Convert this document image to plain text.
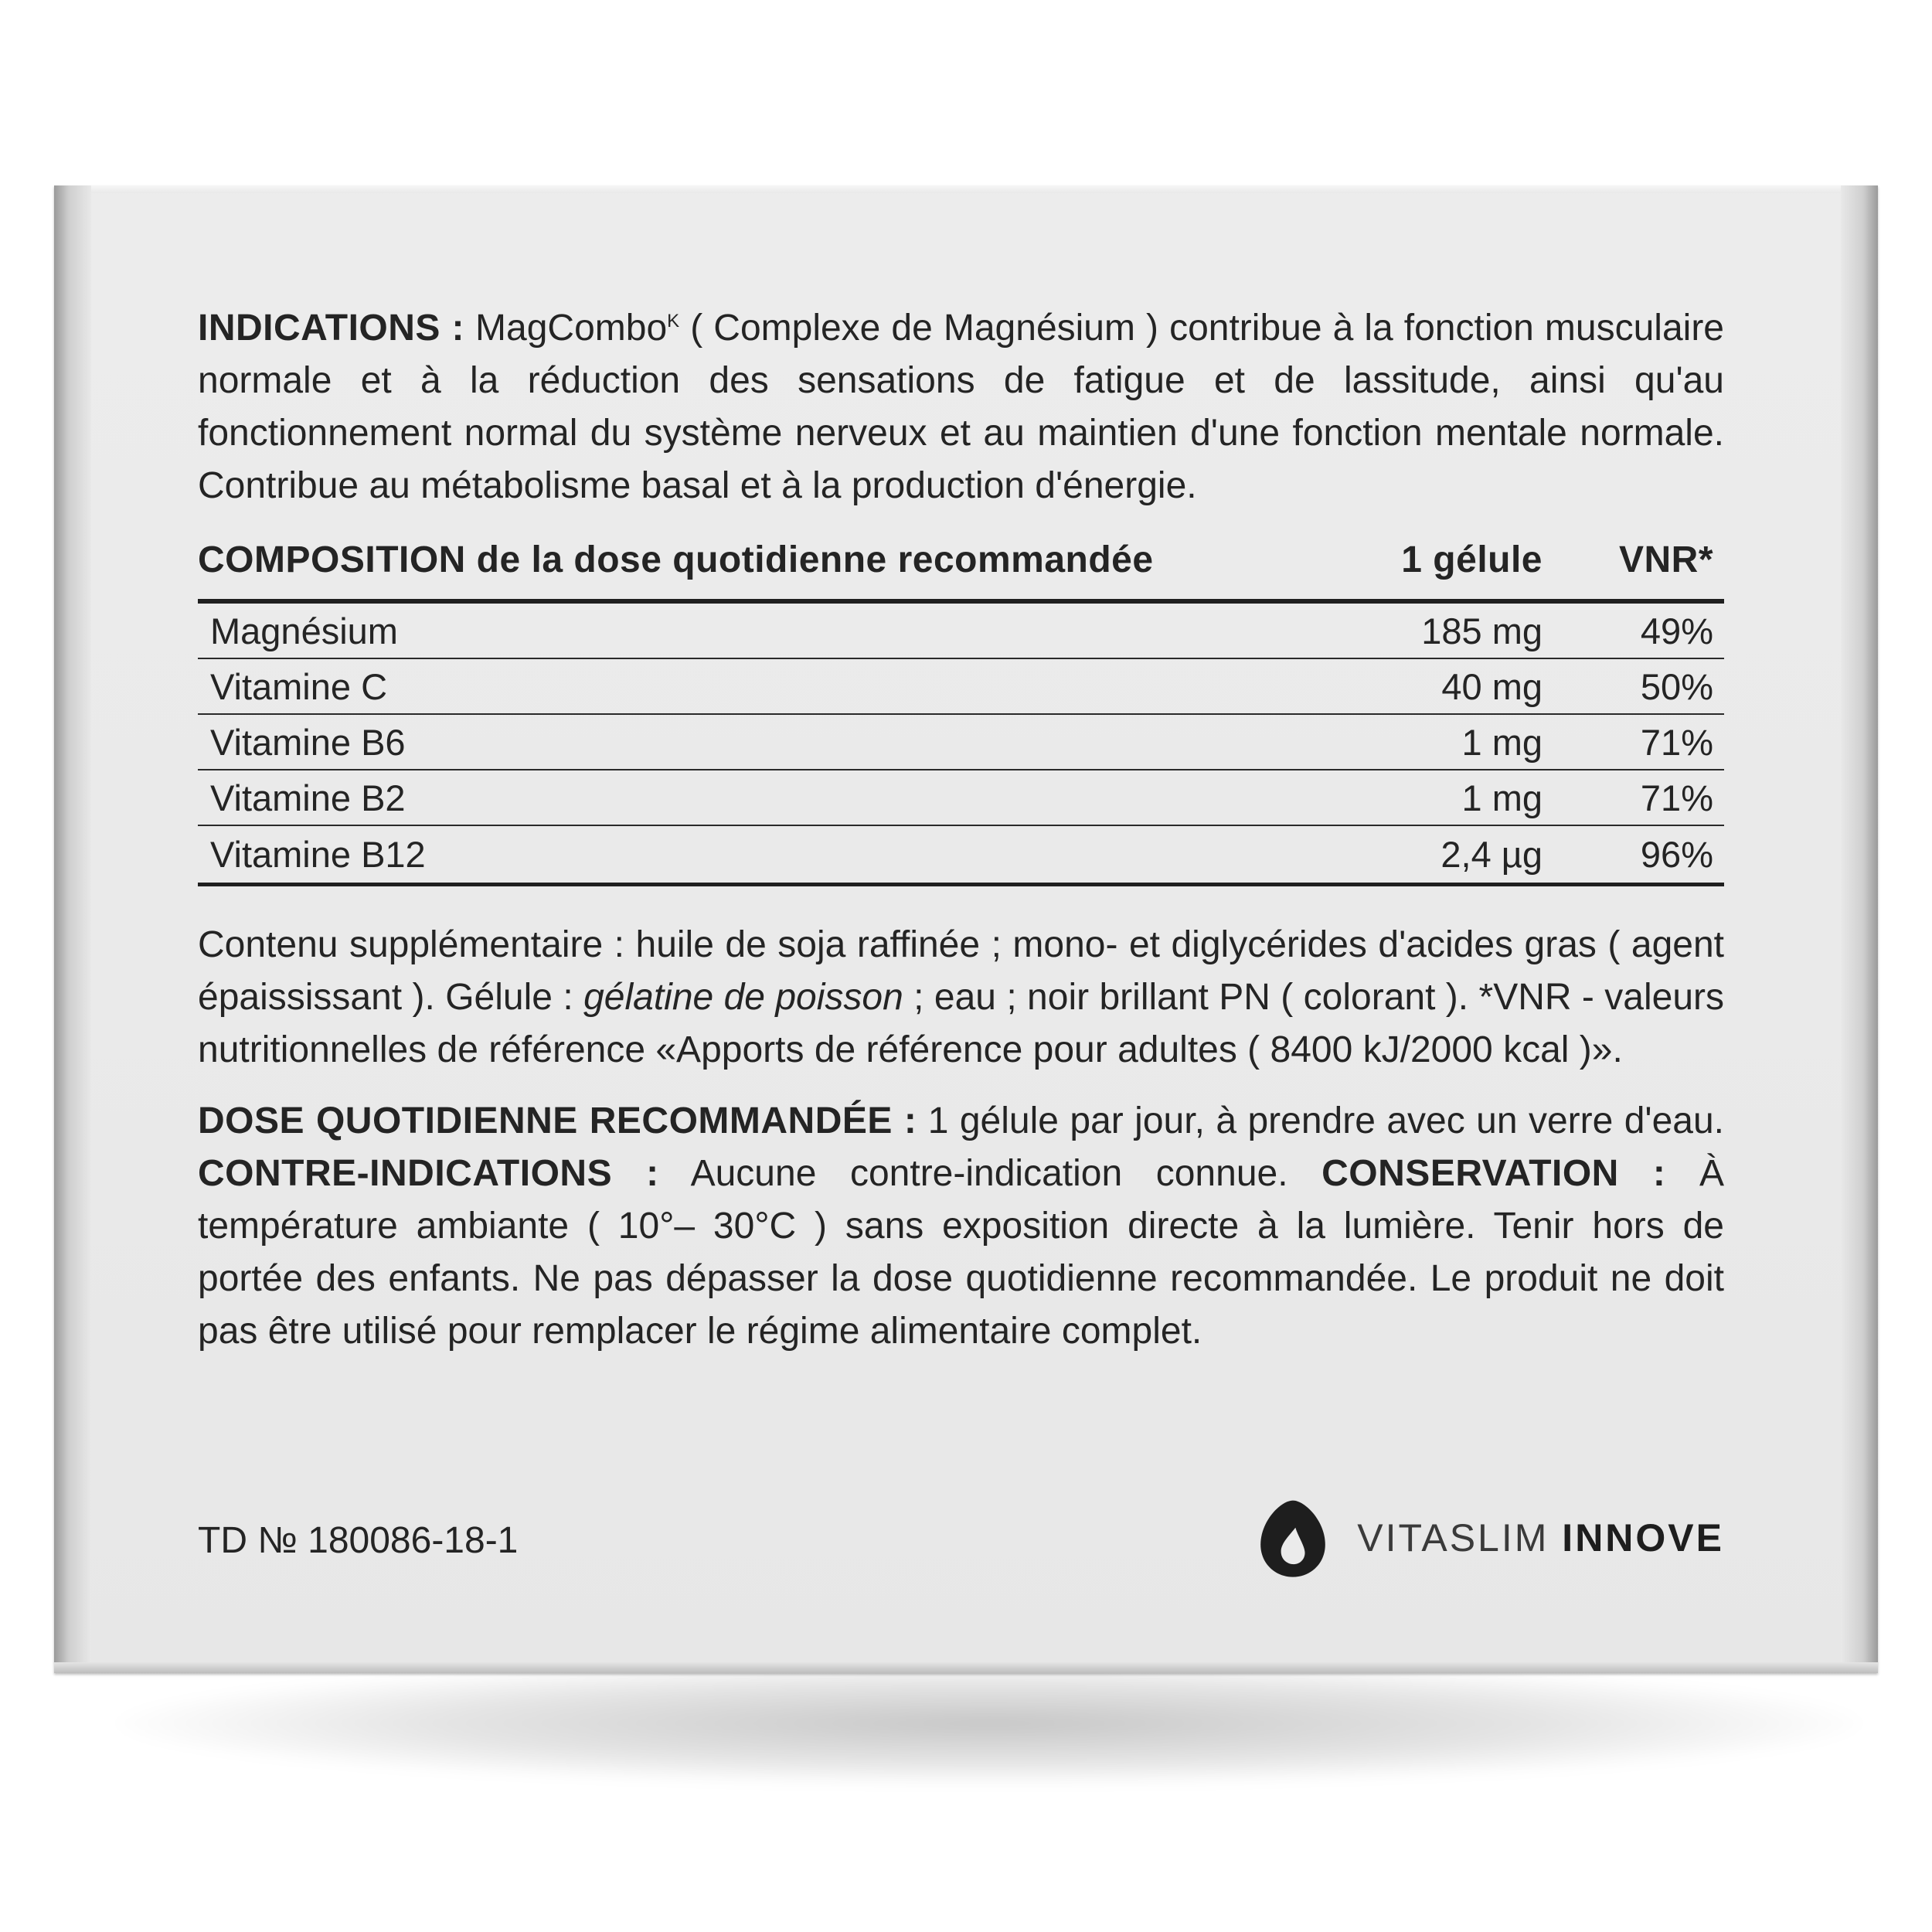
INDICATIONS : MagCombo$^K$ ( Complexe de Magnésium ) contribue à la fonction musculaire normale et à la réduction des sensations de fatigue et de lassitude, ainsi qu'au fonctionnement normal du système nerveux et au maintien d'une fonction mentale normale. Contribue au métabolisme basal et à la production d'énergie.

COMPOSITION de la dose quotidienne recommandée	1 gélule	VNR*
Magnésium	185 mg	49%
Vitamine C	40 mg	50%
Vitamine B6	1 mg	71%
Vitamine B2	1 mg	71%
Vitamine B12	2,4 µg	96%

Contenu supplémentaire : huile de soja raffinée ; mono- et diglycérides d'acides gras ( agent épaississant ). Gélule : gélatine de poisson ; eau ; noir brillant PN ( colorant ). *VNR - valeurs nutritionnelles de référence «Apports de référence pour adultes ( 8400 kJ/2000 kcal )».

DOSE QUOTIDIENNE RECOMMANDÉE : 1 gélule par jour, à prendre avec un verre d'eau. CONTRE-INDICATIONS : Aucune contre-indication connue. CONSERVATION : À température ambiante ( 10°– 30°C ) sans exposition directe à la lumière. Tenir hors de portée des enfants. Ne pas dépasser la dose quotidienne recommandée. Le produit ne doit pas être utilisé pour remplacer le régime alimentaire complet.

TD № 180086-18-1	VITASLIM INNOVE
